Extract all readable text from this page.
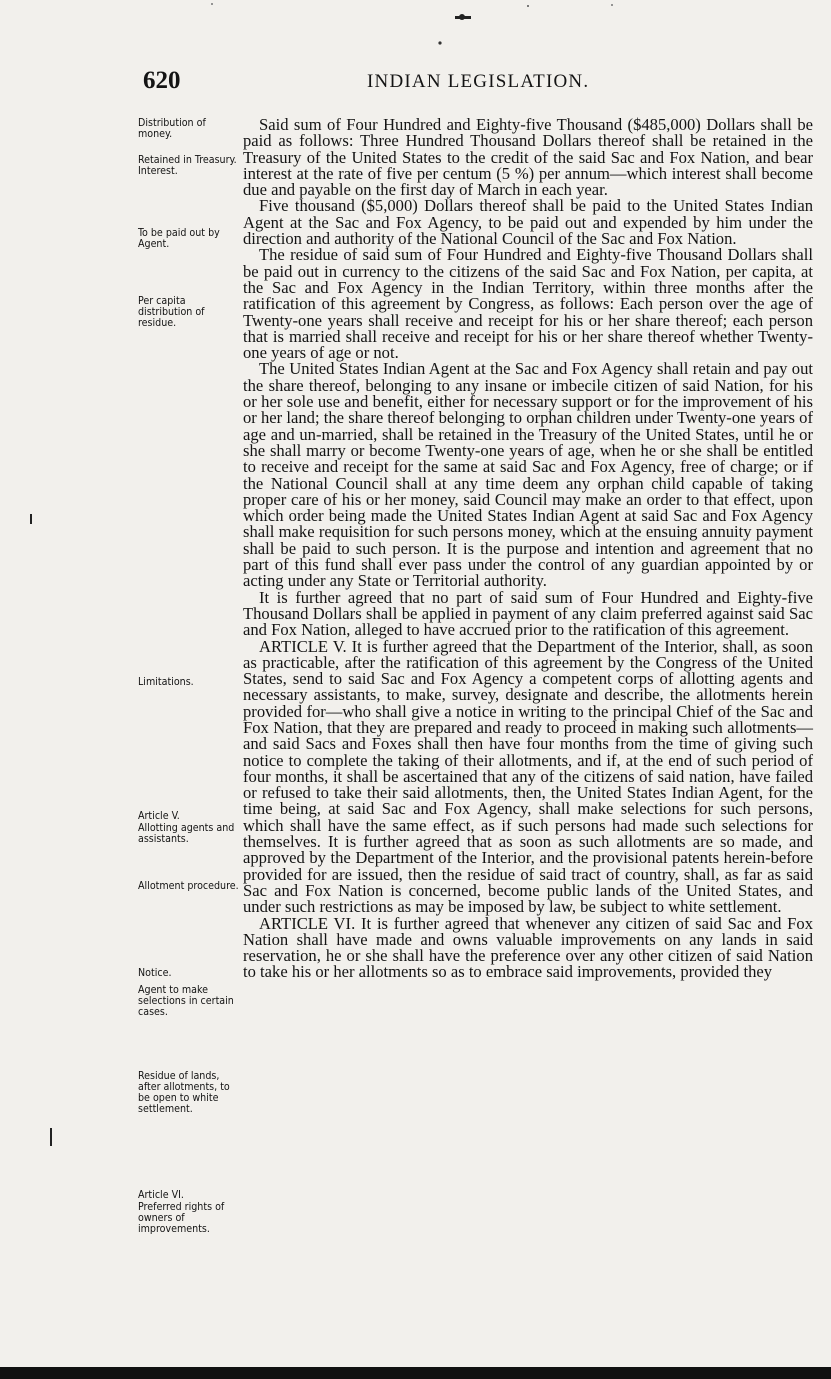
620	INDIAN LEGISLATION.
Distribution of money.
Retained in Treasury. Interest.
To be paid out by Agent.
Per capita distribution of residue.
Limitations.
Article V.
Allotting agents and assistants.
Allotment procedure.
Notice.
Agent to make selections in certain cases.
Residue of lands, after allotments, to be open to white settlement.
Article VI.
Preferred rights of owners of improvements.

Said sum of Four Hundred and Eighty-five Thousand ($485,000) Dollars shall be paid as follows: Three Hundred Thousand Dollars thereof shall be retained in the Treasury of the United States to the credit of the said Sac and Fox Nation, and bear interest at the rate of five per centum (5 %) per annum—which interest shall become due and payable on the first day of March in each year.

Five thousand ($5,000) Dollars thereof shall be paid to the United States Indian Agent at the Sac and Fox Agency, to be paid out and expended by him under the direction and authority of the National Council of the Sac and Fox Nation.

The residue of said sum of Four Hundred and Eighty-five Thousand Dollars shall be paid out in currency to the citizens of the said Sac and Fox Nation, per capita, at the Sac and Fox Agency in the Indian Territory, within three months after the ratification of this agreement by Congress, as follows: Each person over the age of Twenty-one years shall receive and receipt for his or her share thereof; each person that is married shall receive and receipt for his or her share thereof whether Twenty-one years of age or not.

The United States Indian Agent at the Sac and Fox Agency shall retain and pay out the share thereof, belonging to any insane or imbecile citizen of said Nation, for his or her sole use and benefit, either for necessary support or for the improvement of his or her land; the share thereof belonging to orphan children under Twenty-one years of age and un-married, shall be retained in the Treasury of the United States, until he or she shall marry or become Twenty-one years of age, when he or she shall be entitled to receive and receipt for the same at said Sac and Fox Agency, free of charge; or if the National Council shall at any time deem any orphan child capable of taking proper care of his or her money, said Council may make an order to that effect, upon which order being made the United States Indian Agent at said Sac and Fox Agency shall make requisition for such persons money, which at the ensuing annuity payment shall be paid to such person. It is the purpose and intention and agreement that no part of this fund shall ever pass under the control of any guardian appointed by or acting under any State or Territorial authority.

It is further agreed that no part of said sum of Four Hundred and Eighty-five Thousand Dollars shall be applied in payment of any claim preferred against said Sac and Fox Nation, alleged to have accrued prior to the ratification of this agreement.

ARTICLE V. It is further agreed that the Department of the Interior, shall, as soon as practicable, after the ratification of this agreement by the Congress of the United States, send to said Sac and Fox Agency a competent corps of allotting agents and necessary assistants, to make, survey, designate and describe, the allotments herein provided for—who shall give a notice in writing to the principal Chief of the Sac and Fox Nation, that they are prepared and ready to proceed in making such allotments—and said Sacs and Foxes shall then have four months from the time of giving such notice to complete the taking of their allotments, and if, at the end of such period of four months, it shall be ascertained that any of the citizens of said nation, have failed or refused to take their said allotments, then, the United States Indian Agent, for the time being, at said Sac and Fox Agency, shall make selections for such persons, which shall have the same effect, as if such persons had made such selections for themselves. It is further agreed that as soon as such allotments are so made, and approved by the Department of the Interior, and the provisional patents herein-before provided for are issued, then the residue of said tract of country, shall, as far as said Sac and Fox Nation is concerned, become public lands of the United States, and under such restrictions as may be imposed by law, be subject to white settlement.

ARTICLE VI. It is further agreed that whenever any citizen of said Sac and Fox Nation shall have made and owns valuable improvements on any lands in said reservation, he or she shall have the preference over any other citizen of said Nation to take his or her allotments so as to embrace said improvements, provided they
